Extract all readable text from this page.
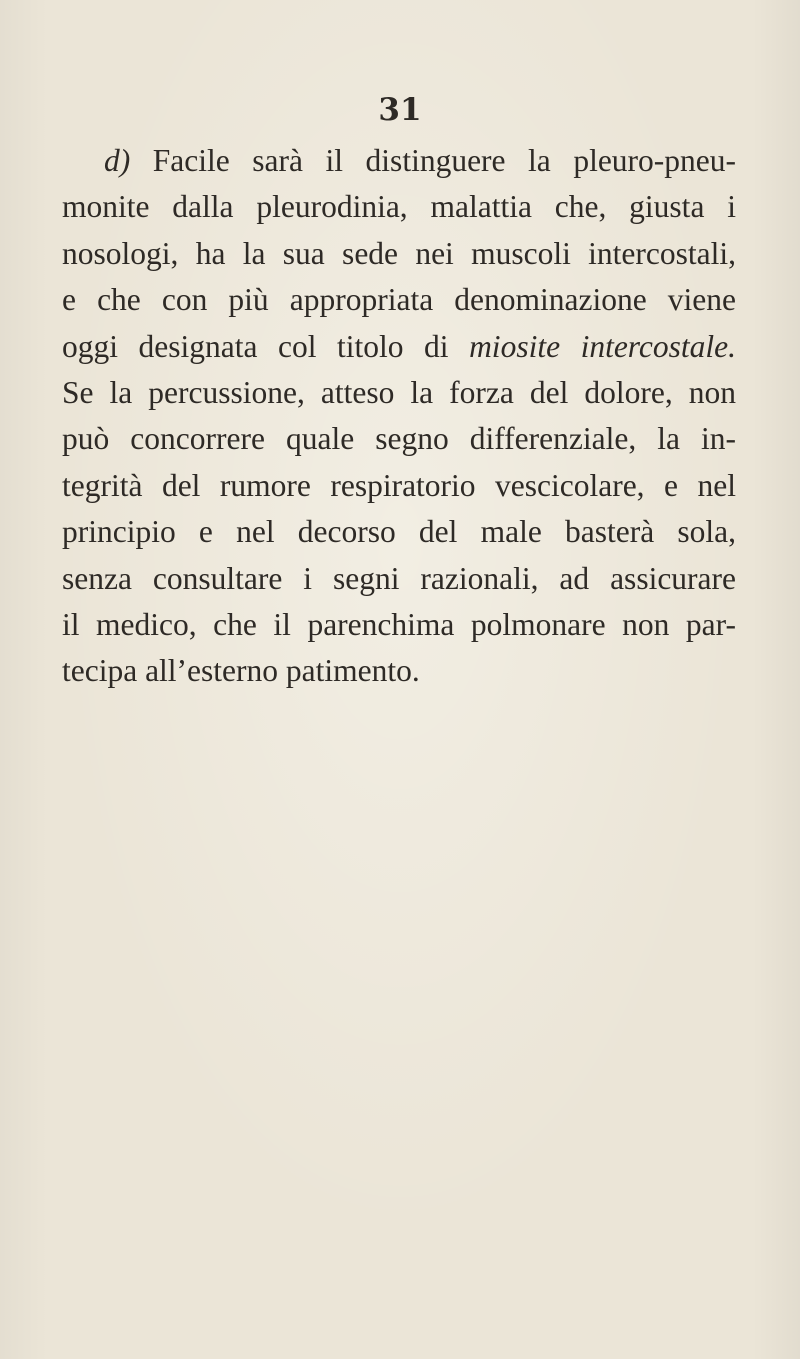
31
d) Facile sarà il distinguere la pleuro-pneu-
monite dalla pleurodinia, malattia che, giusta i
nosologi, ha la sua sede nei muscoli intercostali,
e che con più appropriata denominazione viene
oggi designata col titolo di miosite intercostale.
Se la percussione, atteso la forza del dolore, non
può concorrere quale segno differenziale, la in-
tegrità del rumore respiratorio vescicolare, e nel
principio e nel decorso del male basterà sola,
senza consultare i segni razionali, ad assicurare
il medico, che il parenchima polmonare non par-
tecipa all’esterno patimento.
